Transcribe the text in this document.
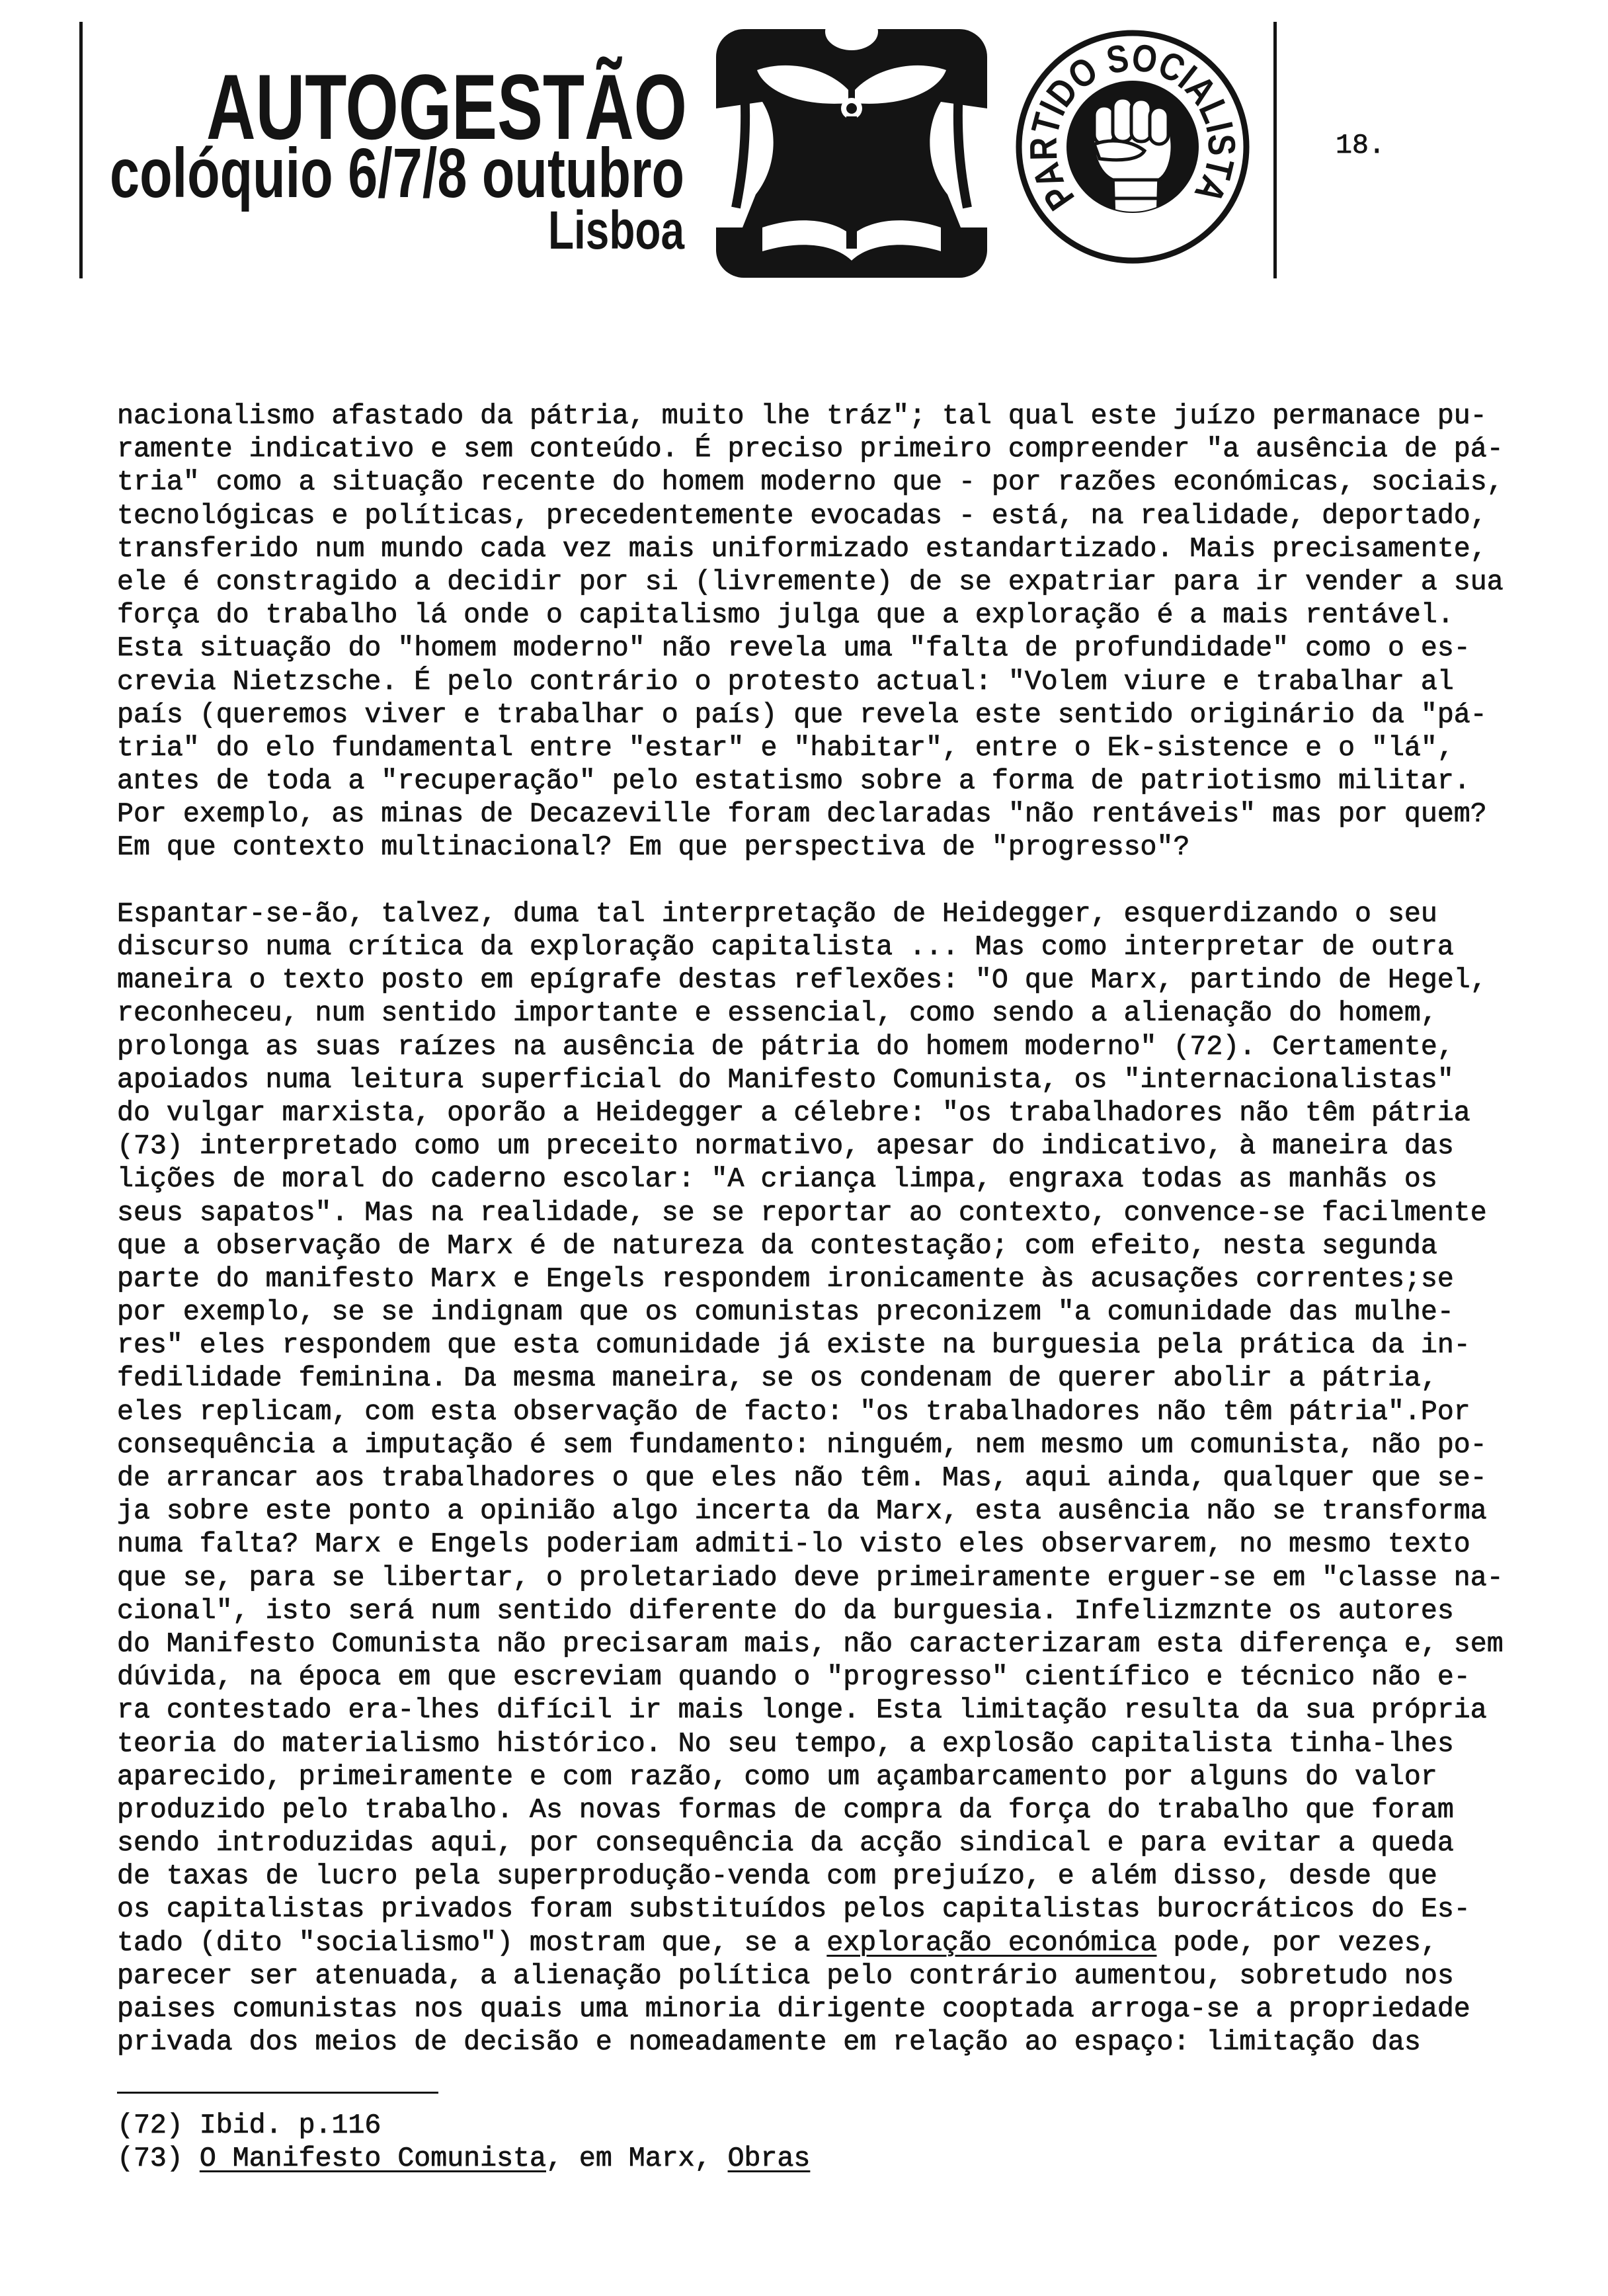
AUTOGESTÃO
colóquio 6/7/8 outubro
Lisboa
PARTIDO SOCIALISTA
18.
nacionalismo afastado da pátria, muito lhe tráz"; tal qual este juízo permanace pu-
ramente indicativo e sem conteúdo. É preciso primeiro compreender "a ausência de pá-
tria" como a situação recente do homem moderno que - por razões económicas, sociais,
tecnológicas e políticas, precedentemente evocadas - está, na realidade, deportado,
transferido num mundo cada vez mais uniformizado estandartizado. Mais precisamente,
ele é constragido a decidir por si (livremente) de se expatriar para ir vender a sua
força do trabalho lá onde o capitalismo julga que a exploração é a mais rentável.
Esta situação do "homem moderno" não revela uma "falta de profundidade" como o es-
crevia Nietzsche. É pelo contrário o protesto actual: "Volem viure e trabalhar al
país (queremos viver e trabalhar o país) que revela este sentido originário da "pá-
tria" do elo fundamental entre "estar" e "habitar", entre o Ek-sistence e o "lá",
antes de toda a "recuperação" pelo estatismo sobre a forma de patriotismo militar.
Por exemplo, as minas de Decazeville foram declaradas "não rentáveis" mas por quem?
Em que contexto multinacional? Em que perspectiva de "progresso"?
Espantar-se-ão, talvez, duma tal interpretação de Heidegger, esquerdizando o seu
discurso numa crítica da exploração capitalista ... Mas como interpretar de outra
maneira o texto posto em epígrafe destas reflexões: "O que Marx, partindo de Hegel,
reconheceu, num sentido importante e essencial, como sendo a alienação do homem,
prolonga as suas raízes na ausência de pátria do homem moderno" (72). Certamente,
apoiados numa leitura superficial do Manifesto Comunista, os "internacionalistas"
do vulgar marxista, oporão a Heidegger a célebre: "os trabalhadores não têm pátria
(73) interpretado como um preceito normativo, apesar do indicativo, à maneira das
lições de moral do caderno escolar: "A criança limpa, engraxa todas as manhãs os
seus sapatos". Mas na realidade, se se reportar ao contexto, convence-se facilmente
que a observação de Marx é de natureza da contestação; com efeito, nesta segunda
parte do manifesto Marx e Engels respondem ironicamente às acusações correntes;se
por exemplo, se se indignam que os comunistas preconizem "a comunidade das mulhe-
res" eles respondem que esta comunidade já existe na burguesia pela prática da in-
fedilidade feminina. Da mesma maneira, se os condenam de querer abolir a pátria,
eles replicam, com esta observação de facto: "os trabalhadores não têm pátria".Por
consequência a imputação é sem fundamento: ninguém, nem mesmo um comunista, não po-
de arrancar aos trabalhadores o que eles não têm. Mas, aqui ainda, qualquer que se-
ja sobre este ponto a opinião algo incerta da Marx, esta ausência não se transforma
numa falta? Marx e Engels poderiam admiti-lo visto eles observarem, no mesmo texto
que se, para se libertar, o proletariado deve primeiramente erguer-se em "classe na-
cional", isto será num sentido diferente do da burguesia. Infelizmznte os autores
do Manifesto Comunista não precisaram mais, não caracterizaram esta diferença e, sem
dúvida, na época em que escreviam quando o "progresso" científico e técnico não e-
ra contestado era-lhes difícil ir mais longe. Esta limitação resulta da sua própria
teoria do materialismo histórico. No seu tempo, a explosão capitalista tinha-lhes
aparecido, primeiramente e com razão, como um açambarcamento por alguns do valor
produzido pelo trabalho. As novas formas de compra da força do trabalho que foram
sendo introduzidas aqui, por consequência da acção sindical e para evitar a queda
de taxas de lucro pela superprodução-venda com prejuízo, e além disso, desde que
os capitalistas privados foram substituídos pelos capitalistas burocráticos do Es-
tado (dito "socialismo") mostram que, se a exploração económica pode, por vezes,
parecer ser atenuada, a alienação política pelo contrário aumentou, sobretudo nos
paises comunistas nos quais uma minoria dirigente cooptada arroga-se a propriedade
privada dos meios de decisão e nomeadamente em relação ao espaço: limitação das
(72) Ibid. p.116
(73) O Manifesto Comunista, em Marx, Obras
